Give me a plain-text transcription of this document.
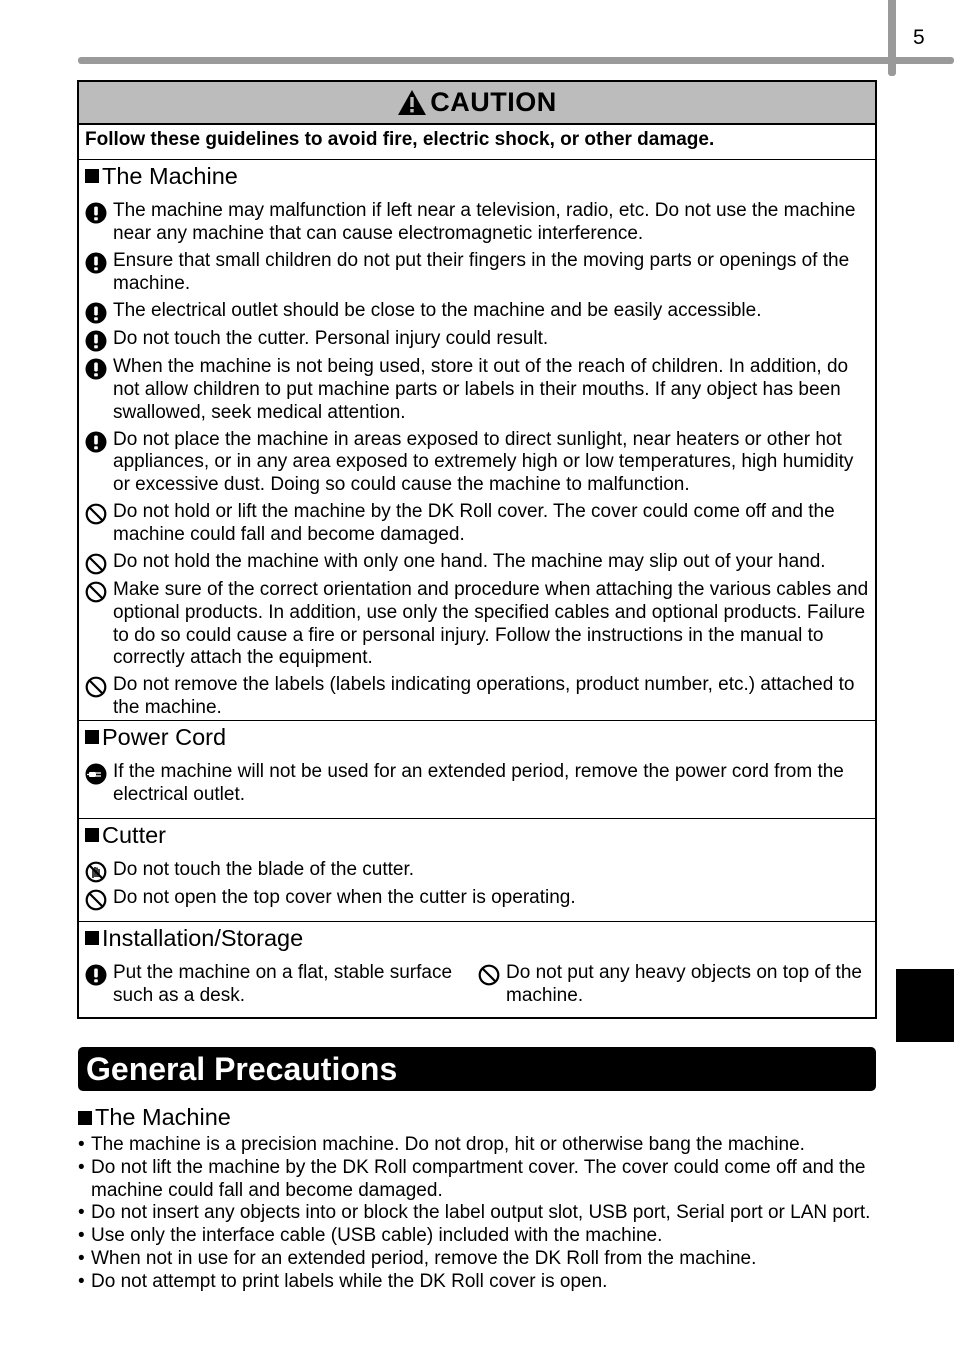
5
CAUTION
Follow these guidelines to avoid fire, electric shock, or other damage.
The Machine
The machine may malfunction if left near a television, radio, etc. Do not use the machine near any machine that can cause electromagnetic interference.
Ensure that small children do not put their fingers in the moving parts or openings of the machine.
The electrical outlet should be close to the machine and be easily accessible.
Do not touch the cutter. Personal injury could result.
When the machine is not being used, store it out of the reach of children. In addition, do not allow children to put machine parts or labels in their mouths. If any object has been swallowed, seek medical attention.
Do not place the machine in areas exposed to direct sunlight, near heaters or other hot appliances, or in any area exposed to extremely high or low temperatures, high humidity or excessive dust. Doing so could cause the machine to malfunction.
Do not hold or lift the machine by the DK Roll cover. The cover could come off and the machine could fall and become damaged.
Do not hold the machine with only one hand. The machine may slip out of your hand.
Make sure of the correct orientation and procedure when attaching the various cables and optional products. In addition, use only the specified cables and optional products. Failure to do so could cause a fire or personal injury. Follow the instructions in the manual to correctly attach the equipment.
Do not remove the labels (labels indicating operations, product number, etc.) attached to the machine.
Power Cord
If the machine will not be used for an extended period, remove the power cord from the electrical outlet.
Cutter
Do not touch the blade of the cutter.
Do not open the top cover when the cutter is operating.
Installation/Storage
Put the machine on a flat, stable surface such as a desk.
Do not put any heavy objects on top of the machine.
General Precautions
The Machine
• The machine is a precision machine. Do not drop, hit or otherwise bang the machine.
• Do not lift the machine by the DK Roll compartment cover. The cover could come off and the machine could fall and become damaged.
• Do not insert any objects into or block the label output slot, USB port, Serial port or LAN port.
• Use only the interface cable (USB cable) included with the machine.
• When not in use for an extended period, remove the DK Roll from the machine.
• Do not attempt to print labels while the DK Roll cover is open.
